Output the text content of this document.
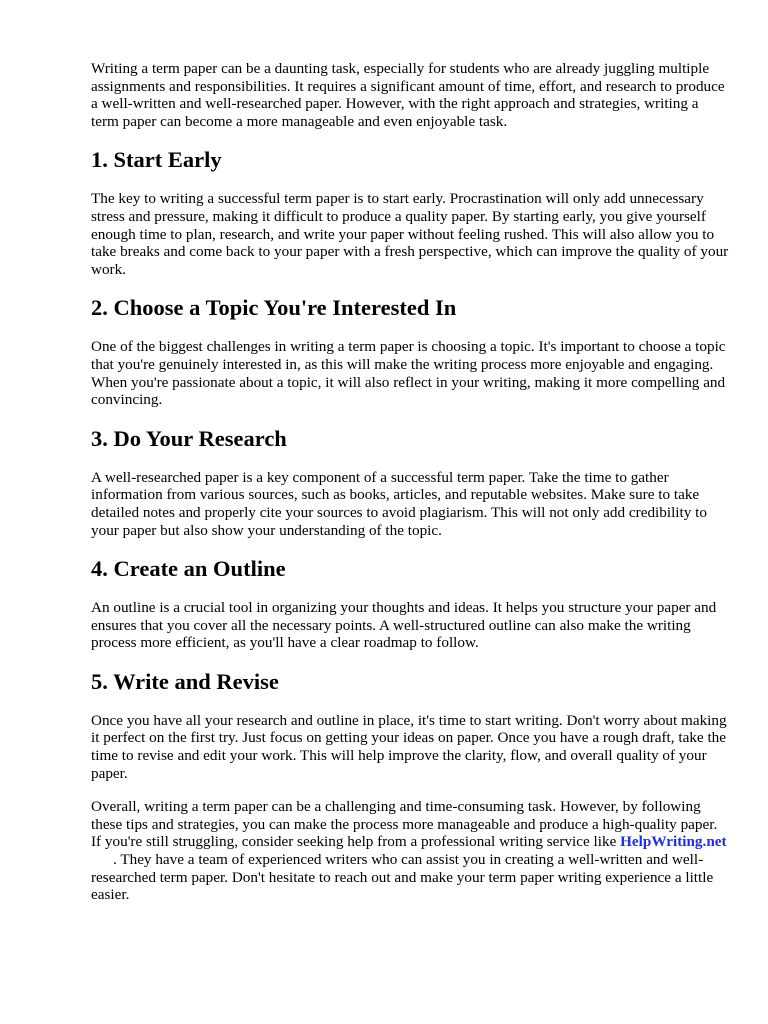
Writing a term paper can be a daunting task, especially for students who are already juggling multiple assignments and responsibilities. It requires a significant amount of time, effort, and research to produce a well-written and well-researched paper. However, with the right approach and strategies, writing a term paper can become a more manageable and even enjoyable task.

1. Start Early

The key to writing a successful term paper is to start early. Procrastination will only add unnecessary stress and pressure, making it difficult to produce a quality paper. By starting early, you give yourself enough time to plan, research, and write your paper without feeling rushed. This will also allow you to take breaks and come back to your paper with a fresh perspective, which can improve the quality of your work.

2. Choose a Topic You're Interested In

One of the biggest challenges in writing a term paper is choosing a topic. It's important to choose a topic that you're genuinely interested in, as this will make the writing process more enjoyable and engaging. When you're passionate about a topic, it will also reflect in your writing, making it more compelling and convincing.

3. Do Your Research

A well-researched paper is a key component of a successful term paper. Take the time to gather information from various sources, such as books, articles, and reputable websites. Make sure to take detailed notes and properly cite your sources to avoid plagiarism. This will not only add credibility to your paper but also show your understanding of the topic.

4. Create an Outline

An outline is a crucial tool in organizing your thoughts and ideas. It helps you structure your paper and ensures that you cover all the necessary points. A well-structured outline can also make the writing process more efficient, as you'll have a clear roadmap to follow.

5. Write and Revise

Once you have all your research and outline in place, it's time to start writing. Don't worry about making it perfect on the first try. Just focus on getting your ideas on paper. Once you have a rough draft, take the time to revise and edit your work. This will help improve the clarity, flow, and overall quality of your paper.

Overall, writing a term paper can be a challenging and time-consuming task. However, by following these tips and strategies, you can make the process more manageable and produce a high-quality paper. If you're still struggling, consider seeking help from a professional writing service like HelpWriting.net. They have a team of experienced writers who can assist you in creating a well-written and well-researched term paper. Don't hesitate to reach out and make your term paper writing experience a little easier.
